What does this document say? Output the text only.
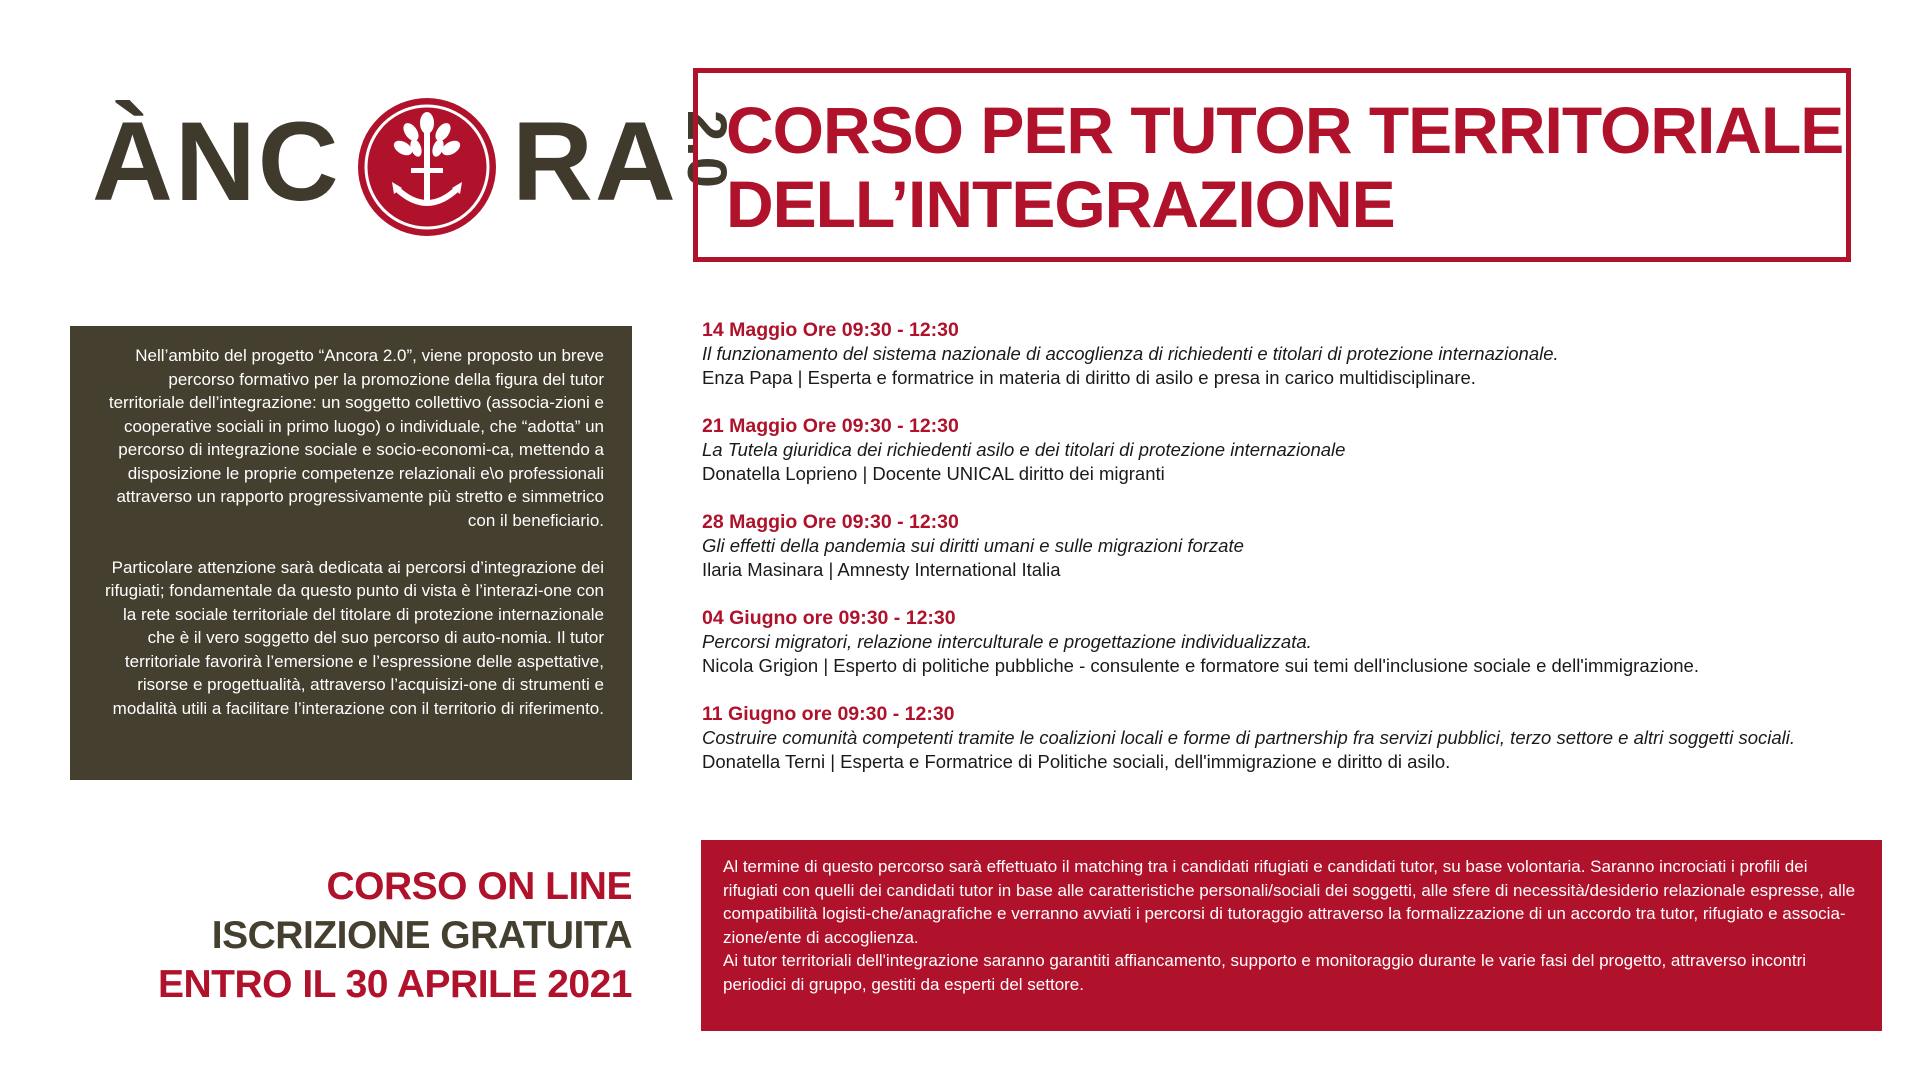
ÀNC RA
2.0
CORSO PER TUTOR TERRITORIALE
DELL’INTEGRAZIONE

Nell’ambito del progetto “Ancora 2.0”, viene proposto un breve percorso formativo per la promozione della figura del tutor territoriale dell’integrazione: un soggetto collettivo (associa-zioni e cooperative sociali in primo luogo) o individuale, che “adotta” un percorso di integrazione sociale e socio-economi-ca, mettendo a disposizione le proprie competenze relazionali e\o professionali attraverso un rapporto progressivamente più stretto e simmetrico con il beneficiario.

Particolare attenzione sarà dedicata ai percorsi d’integrazione dei rifugiati; fondamentale da questo punto di vista è l’interazi-one con la rete sociale territoriale del titolare di protezione internazionale che è il vero soggetto del suo percorso di auto-nomia. Il tutor territoriale favorirà l’emersione e l’espressione delle aspettative, risorse e progettualità, attraverso l’acquisizi-one di strumenti e modalità utili a facilitare l’interazione con il territorio di riferimento.

14 Maggio Ore 09:30 - 12:30
Il funzionamento del sistema nazionale di accoglienza di richiedenti e titolari di protezione internazionale.
Enza Papa | Esperta e formatrice in materia di diritto di asilo e presa in carico multidisciplinare.
21 Maggio Ore 09:30 - 12:30
La Tutela giuridica dei richiedenti asilo e dei titolari di protezione internazionale
Donatella Loprieno | Docente UNICAL diritto dei migranti
28 Maggio Ore 09:30 - 12:30
Gli effetti della pandemia sui diritti umani e sulle migrazioni forzate
Ilaria Masinara | Amnesty International Italia
04 Giugno ore 09:30 - 12:30
Percorsi migratori, relazione interculturale e progettazione individualizzata.
Nicola Grigion | Esperto di politiche pubbliche - consulente e formatore sui temi dell'inclusione sociale e dell'immigrazione.
11 Giugno ore 09:30 - 12:30
Costruire comunità competenti tramite le coalizioni locali e forme di partnership fra servizi pubblici, terzo settore e altri soggetti sociali.
Donatella Terni | Esperta e Formatrice di Politiche sociali, dell'immigrazione e diritto di asilo.
CORSO ON LINE
ISCRIZIONE GRATUITA
ENTRO IL 30 APRILE 2021

Al termine di questo percorso sarà effettuato il matching tra i candidati rifugiati e candidati tutor, su base volontaria. Saranno incrociati i profili dei rifugiati con quelli dei candidati tutor in base alle caratteristiche personali/sociali dei soggetti, alle sfere di necessità/desiderio relazionale espresse, alle compatibilità logisti-che/anagrafiche e verranno avviati i percorsi di tutoraggio attraverso la formalizzazione di un accordo tra tutor, rifugiato e associa-zione/ente di accoglienza.

Ai tutor territoriali dell'integrazione saranno garantiti affiancamento, supporto e monitoraggio durante le varie fasi del progetto, attraverso incontri periodici di gruppo, gestiti da esperti del settore.
